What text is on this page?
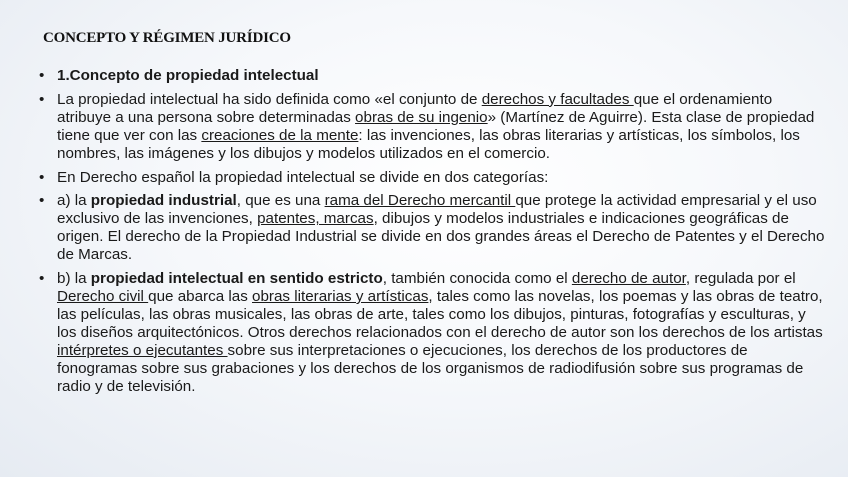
CONCEPTO Y RÉGIMEN JURÍDICO
• 1.Concepto de propiedad intelectual
• La propiedad intelectual ha sido definida como «el conjunto de derechos y facultades que el ordenamiento atribuye a una persona sobre determinadas obras de su ingenio» (Martínez de Aguirre). Esta clase de propiedad tiene que ver con las creaciones de la mente: las invenciones, las obras literarias y artísticas, los símbolos, los nombres, las imágenes y los dibujos y modelos utilizados en el comercio.
• En Derecho español la propiedad intelectual se divide en dos categorías:
• a) la propiedad industrial, que es una rama del Derecho mercantil que protege la actividad empresarial y el uso exclusivo de las invenciones, patentes, marcas, dibujos y modelos industriales e indicaciones geográficas de origen. El derecho de la Propiedad Industrial se divide en dos grandes áreas el Derecho de Patentes y el Derecho de Marcas.
• b) la propiedad intelectual en sentido estricto, también conocida como el derecho de autor, regulada por el Derecho civil que abarca las obras literarias y artísticas, tales como las novelas, los poemas y las obras de teatro, las películas, las obras musicales, las obras de arte, tales como los dibujos, pinturas, fotografías y esculturas, y los diseños arquitectónicos. Otros derechos relacionados con el derecho de autor son los derechos de los artistas intérpretes o ejecutantes sobre sus interpretaciones o ejecuciones, los derechos de los productores de fonogramas sobre sus grabaciones y los derechos de los organismos de radiodifusión sobre sus programas de radio y de televisión.
